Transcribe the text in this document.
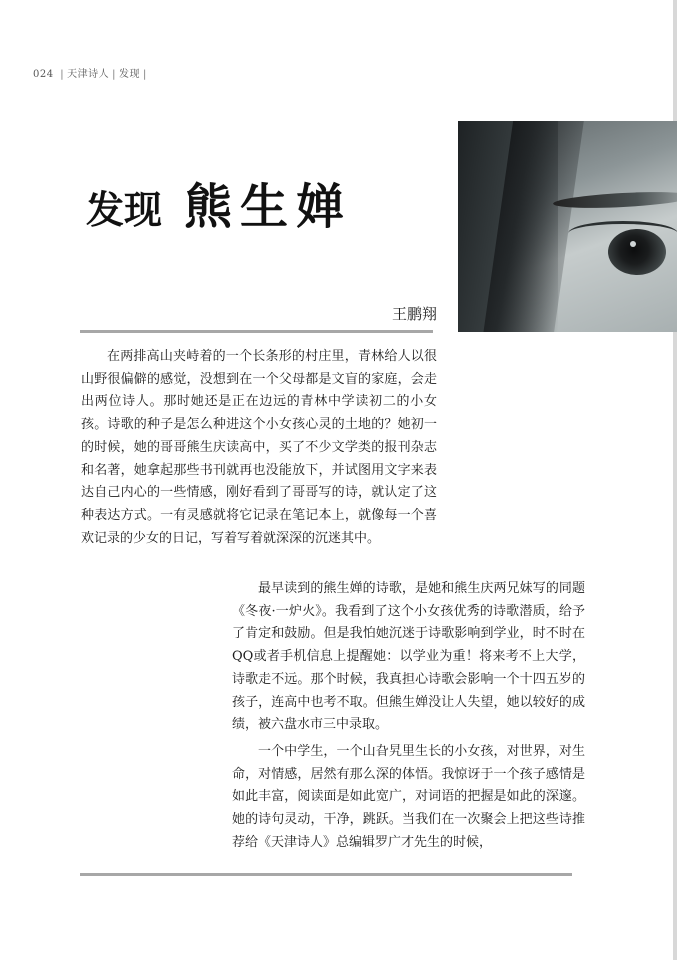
024 | 天津诗人 | 发现 |
发现 熊生婵
王鹏翔

在两排高山夹峙着的一个长条形的村庄里，青林给人以很山野很偏僻的感觉，没想到在一个父母都是文盲的家庭，会走出两位诗人。那时她还是正在边远的青林中学读初二的小女孩。诗歌的种子是怎么种进这个小女孩心灵的土地的？她初一的时候，她的哥哥熊生庆读高中，买了不少文学类的报刊杂志和名著，她拿起那些书刊就再也没能放下，并试图用文字来表达自己内心的一些情感，刚好看到了哥哥写的诗，就认定了这种表达方式。一有灵感就将它记录在笔记本上，就像每一个喜欢记录的少女的日记，写着写着就深深的沉迷其中。

最早读到的熊生婵的诗歌，是她和熊生庆两兄妹写的同题《冬夜·一炉火》。我看到了这个小女孩优秀的诗歌潜质，给予了肯定和鼓励。但是我怕她沉迷于诗歌影响到学业，时不时在QQ或者手机信息上提醒她：以学业为重！将来考不上大学，诗歌走不远。那个时候，我真担心诗歌会影响一个十四五岁的孩子，连高中也考不取。但熊生婵没让人失望，她以较好的成绩，被六盘水市三中录取。

一个中学生，一个山旮旯里生长的小女孩，对世界，对生命，对情感，居然有那么深的体悟。我惊讶于一个孩子感情是如此丰富，阅读面是如此宽广，对词语的把握是如此的深邃。她的诗句灵动，干净，跳跃。当我们在一次聚会上把这些诗推荐给《天津诗人》总编辑罗广才先生的时候，
